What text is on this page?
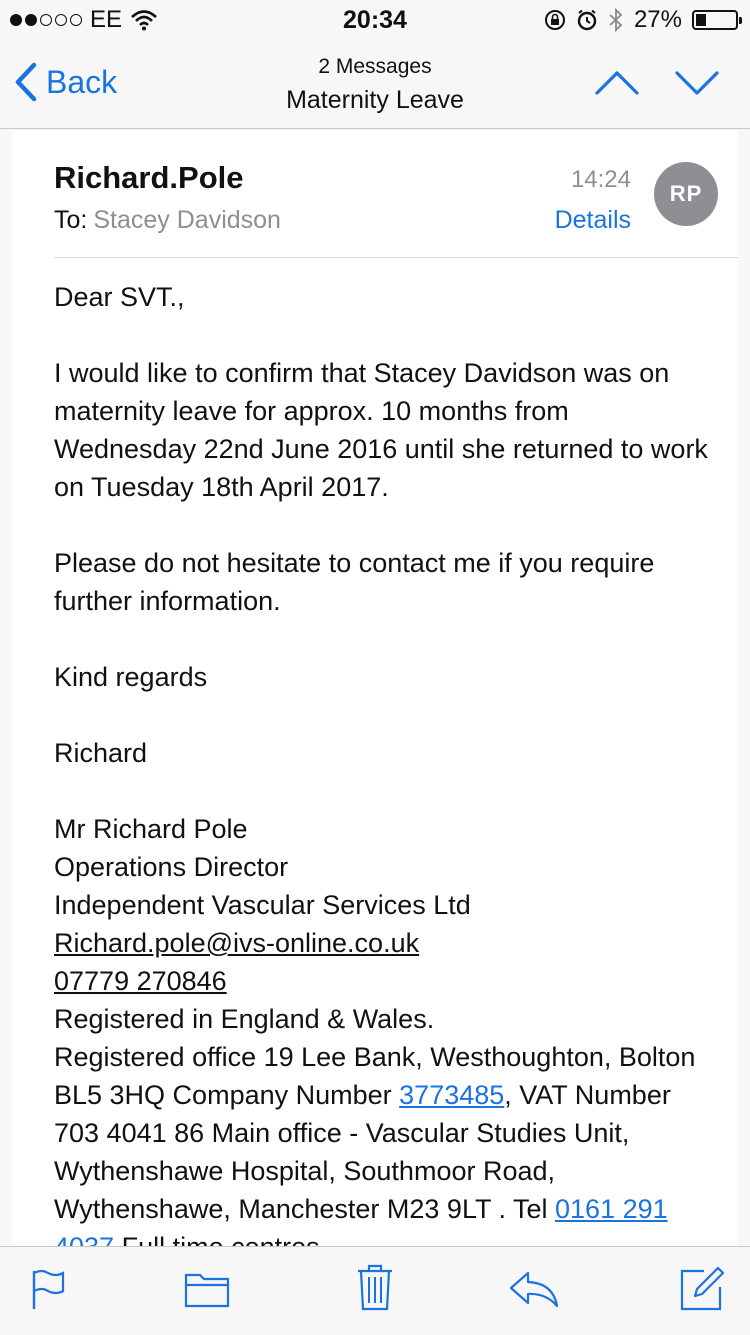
EE	20:34	27%
Back	2 Messages
Maternity Leave
Richard.Pole
To: Stacey Davidson
14:24
Details
RP

Dear SVT.,

I would like to confirm that Stacey Davidson was on maternity leave for approx. 10 months from Wednesday 22nd June 2016 until she returned to work on Tuesday 18th April 2017.

Please do not hesitate to contact me if you require further information.

Kind regards

Richard

Mr Richard Pole
Operations Director
Independent Vascular Services Ltd
Richard.pole@ivs-online.co.uk
07779 270846
Registered in England & Wales.
Registered office 19 Lee Bank, Westhoughton, Bolton BL5 3HQ Company Number 3773485, VAT Number 703 4041 86 Main office - Vascular Studies Unit, Wythenshawe Hospital, Southmoor Road, Wythenshawe, Manchester M23 9LT . Tel 0161 291
